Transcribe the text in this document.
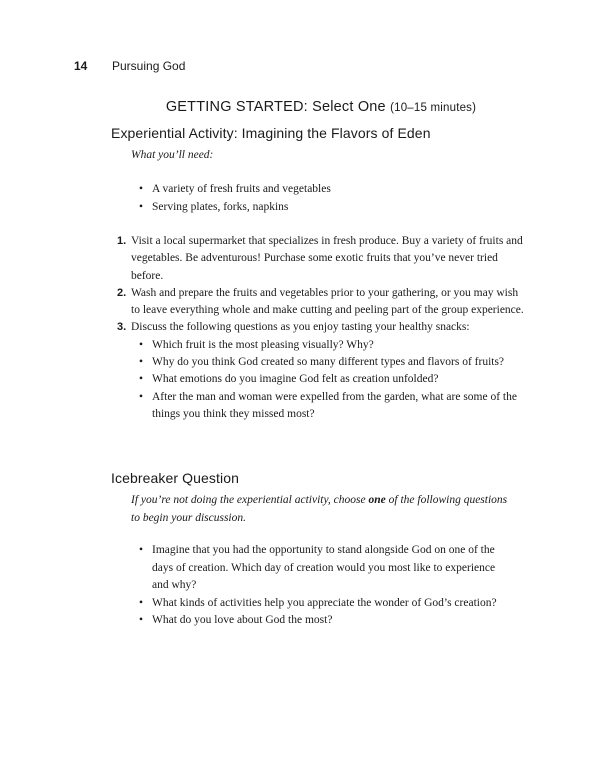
14 Pursuing God
GETTING STARTED: Select One (10–15 minutes)
Experiential Activity: Imagining the Flavors of Eden
What you’ll need:
• A variety of fresh fruits and vegetables
• Serving plates, forks, napkins
1. Visit a local supermarket that specializes in fresh produce. Buy a variety of fruits and vegetables. Be adventurous! Purchase some exotic fruits that you’ve never tried before.
2. Wash and prepare the fruits and vegetables prior to your gathering, or you may wish to leave everything whole and make cutting and peeling part of the group experience.
3. Discuss the following questions as you enjoy tasting your healthy snacks:
• Which fruit is the most pleasing visually? Why?
• Why do you think God created so many different types and flavors of fruits?
• What emotions do you imagine God felt as creation unfolded?
• After the man and woman were expelled from the garden, what are some of the things you think they missed most?
Icebreaker Question
If you’re not doing the experiential activity, choose one of the following questions to begin your discussion.
• Imagine that you had the opportunity to stand alongside God on one of the days of creation. Which day of creation would you most like to experience and why?
• What kinds of activities help you appreciate the wonder of God’s creation?
• What do you love about God the most?
